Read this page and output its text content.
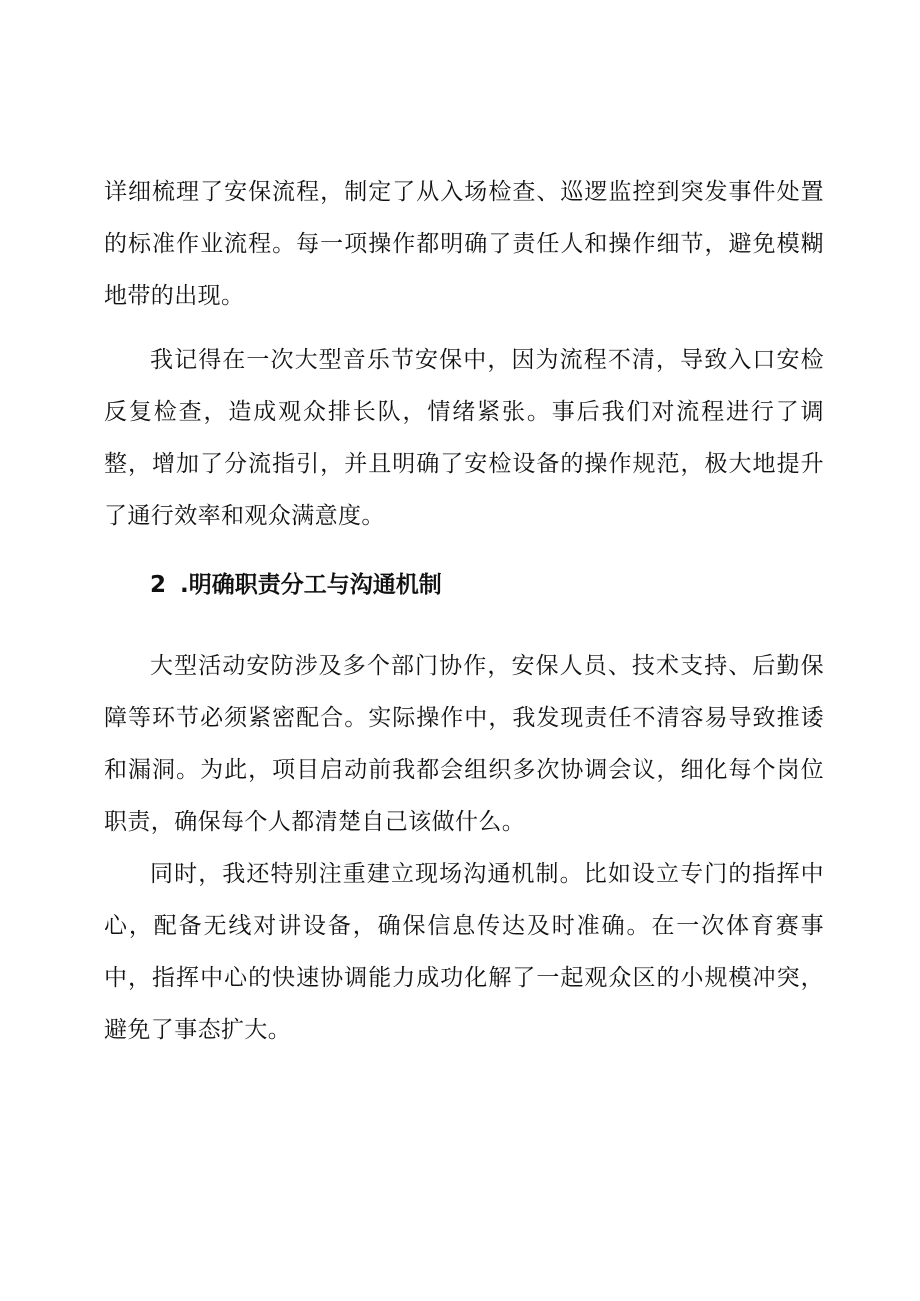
详细梳理了安保流程，制定了从入场检查、巡逻监控到突发事件处置的标准作业流程。每一项操作都明确了责任人和操作细节，避免模糊地带的出现。

我记得在一次大型音乐节安保中，因为流程不清，导致入口安检反复检查，造成观众排长队，情绪紧张。事后我们对流程进行了调整，增加了分流指引，并且明确了安检设备的操作规范，极大地提升了通行效率和观众满意度。

2 .明确职责分工与沟通机制

大型活动安防涉及多个部门协作，安保人员、技术支持、后勤保障等环节必须紧密配合。实际操作中，我发现责任不清容易导致推诿和漏洞。为此，项目启动前我都会组织多次协调会议，细化每个岗位职责，确保每个人都清楚自己该做什么。

同时，我还特别注重建立现场沟通机制。比如设立专门的指挥中心，配备无线对讲设备，确保信息传达及时准确。在一次体育赛事中，指挥中心的快速协调能力成功化解了一起观众区的小规模冲突，避免了事态扩大。
